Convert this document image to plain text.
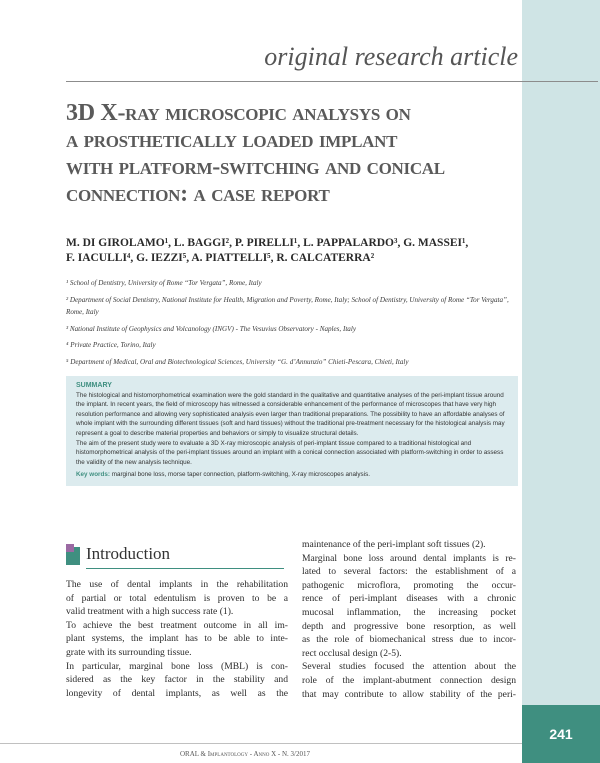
241
original research article
3D X-ray microscopic analysys on
a prosthetically loaded implant
with platform-switching and conical
connection: a case report

M. DI GIROLAMO¹, L. BAGGI², P. PIRELLI¹, L. PAPPALARDO³, G. MASSEI¹,
F. IACULLI⁴, G. IEZZI⁵, A. PIATTELLI⁵, R. CALCATERRA²

¹ School of Dentistry, University of Rome “Tor Vergata”, Rome, Italy
² Department of Social Dentistry, National Institute for Health, Migration and Poverty, Rome, Italy; School of Dentistry, University of Rome “Tor Vergata”, Rome, Italy
³ National Institute of Geophysics and Volcanology (INGV) - The Vesuvius Observatory - Naples, Italy
⁴ Private Practice, Torino, Italy
⁵ Department of Medical, Oral and Biotechnological Sciences, University “G. d’Annunzio” Chieti-Pescara, Chieti, Italy
SUMMARY

The histological and histomorphometrical examination were the gold standard in the qualitative and quantitative analyses of the peri-implant tissue around the implant. In recent years, the field of microscopy has witnessed a considerable enhancement of the performance of microscopes that have very high resolution performance and allowing very sophisticated analysis even larger than traditional preparations. The possibility to have an affordable analyses of whole implant with the surrounding different tissues (soft and hard tissues) without the traditional pre-treatment necessary for the histological analysis may represent a goal to describe material properties and behaviors or simply to visualize structural details.

The aim of the present study were to evaluate a 3D X-ray microscopic analysis of peri-implant tissue compared to a traditional histological and histomorphometrical analysis of the peri-implant tissues around an implant with a conical connection associated with platform-switching in order to assess the validity of the new analysis technique.

Key words: marginal bone loss, morse taper connection, platform-switching, X-ray microscopes analysis.

Introduction
The use of dental implants in the rehabilitation
of partial or total edentulism is proven to be a
valid treatment with a high success rate (1).
To achieve the best treatment outcome in all im-
plant systems, the implant has to be able to inte-
grate with its surrounding tissue.
In particular, marginal bone loss (MBL) is con-
sidered as the key factor in the stability and
longevity of dental implants, as well as the
maintenance of the peri-implant soft tissues (2).
Marginal bone loss around dental implants is re-
lated to several factors: the establishment of a
pathogenic microflora, promoting the occur-
rence of peri-implant diseases with a chronic
mucosal inflammation, the increasing pocket
depth and progressive bone resorption, as well
as the role of biomechanical stress due to incor-
rect occlusal design (2-5).
Several studies focused the attention about the
role of the implant-abutment connection design
that may contribute to allow stability of the peri-
ORAL & Implantology - Anno X - N. 3/2017
